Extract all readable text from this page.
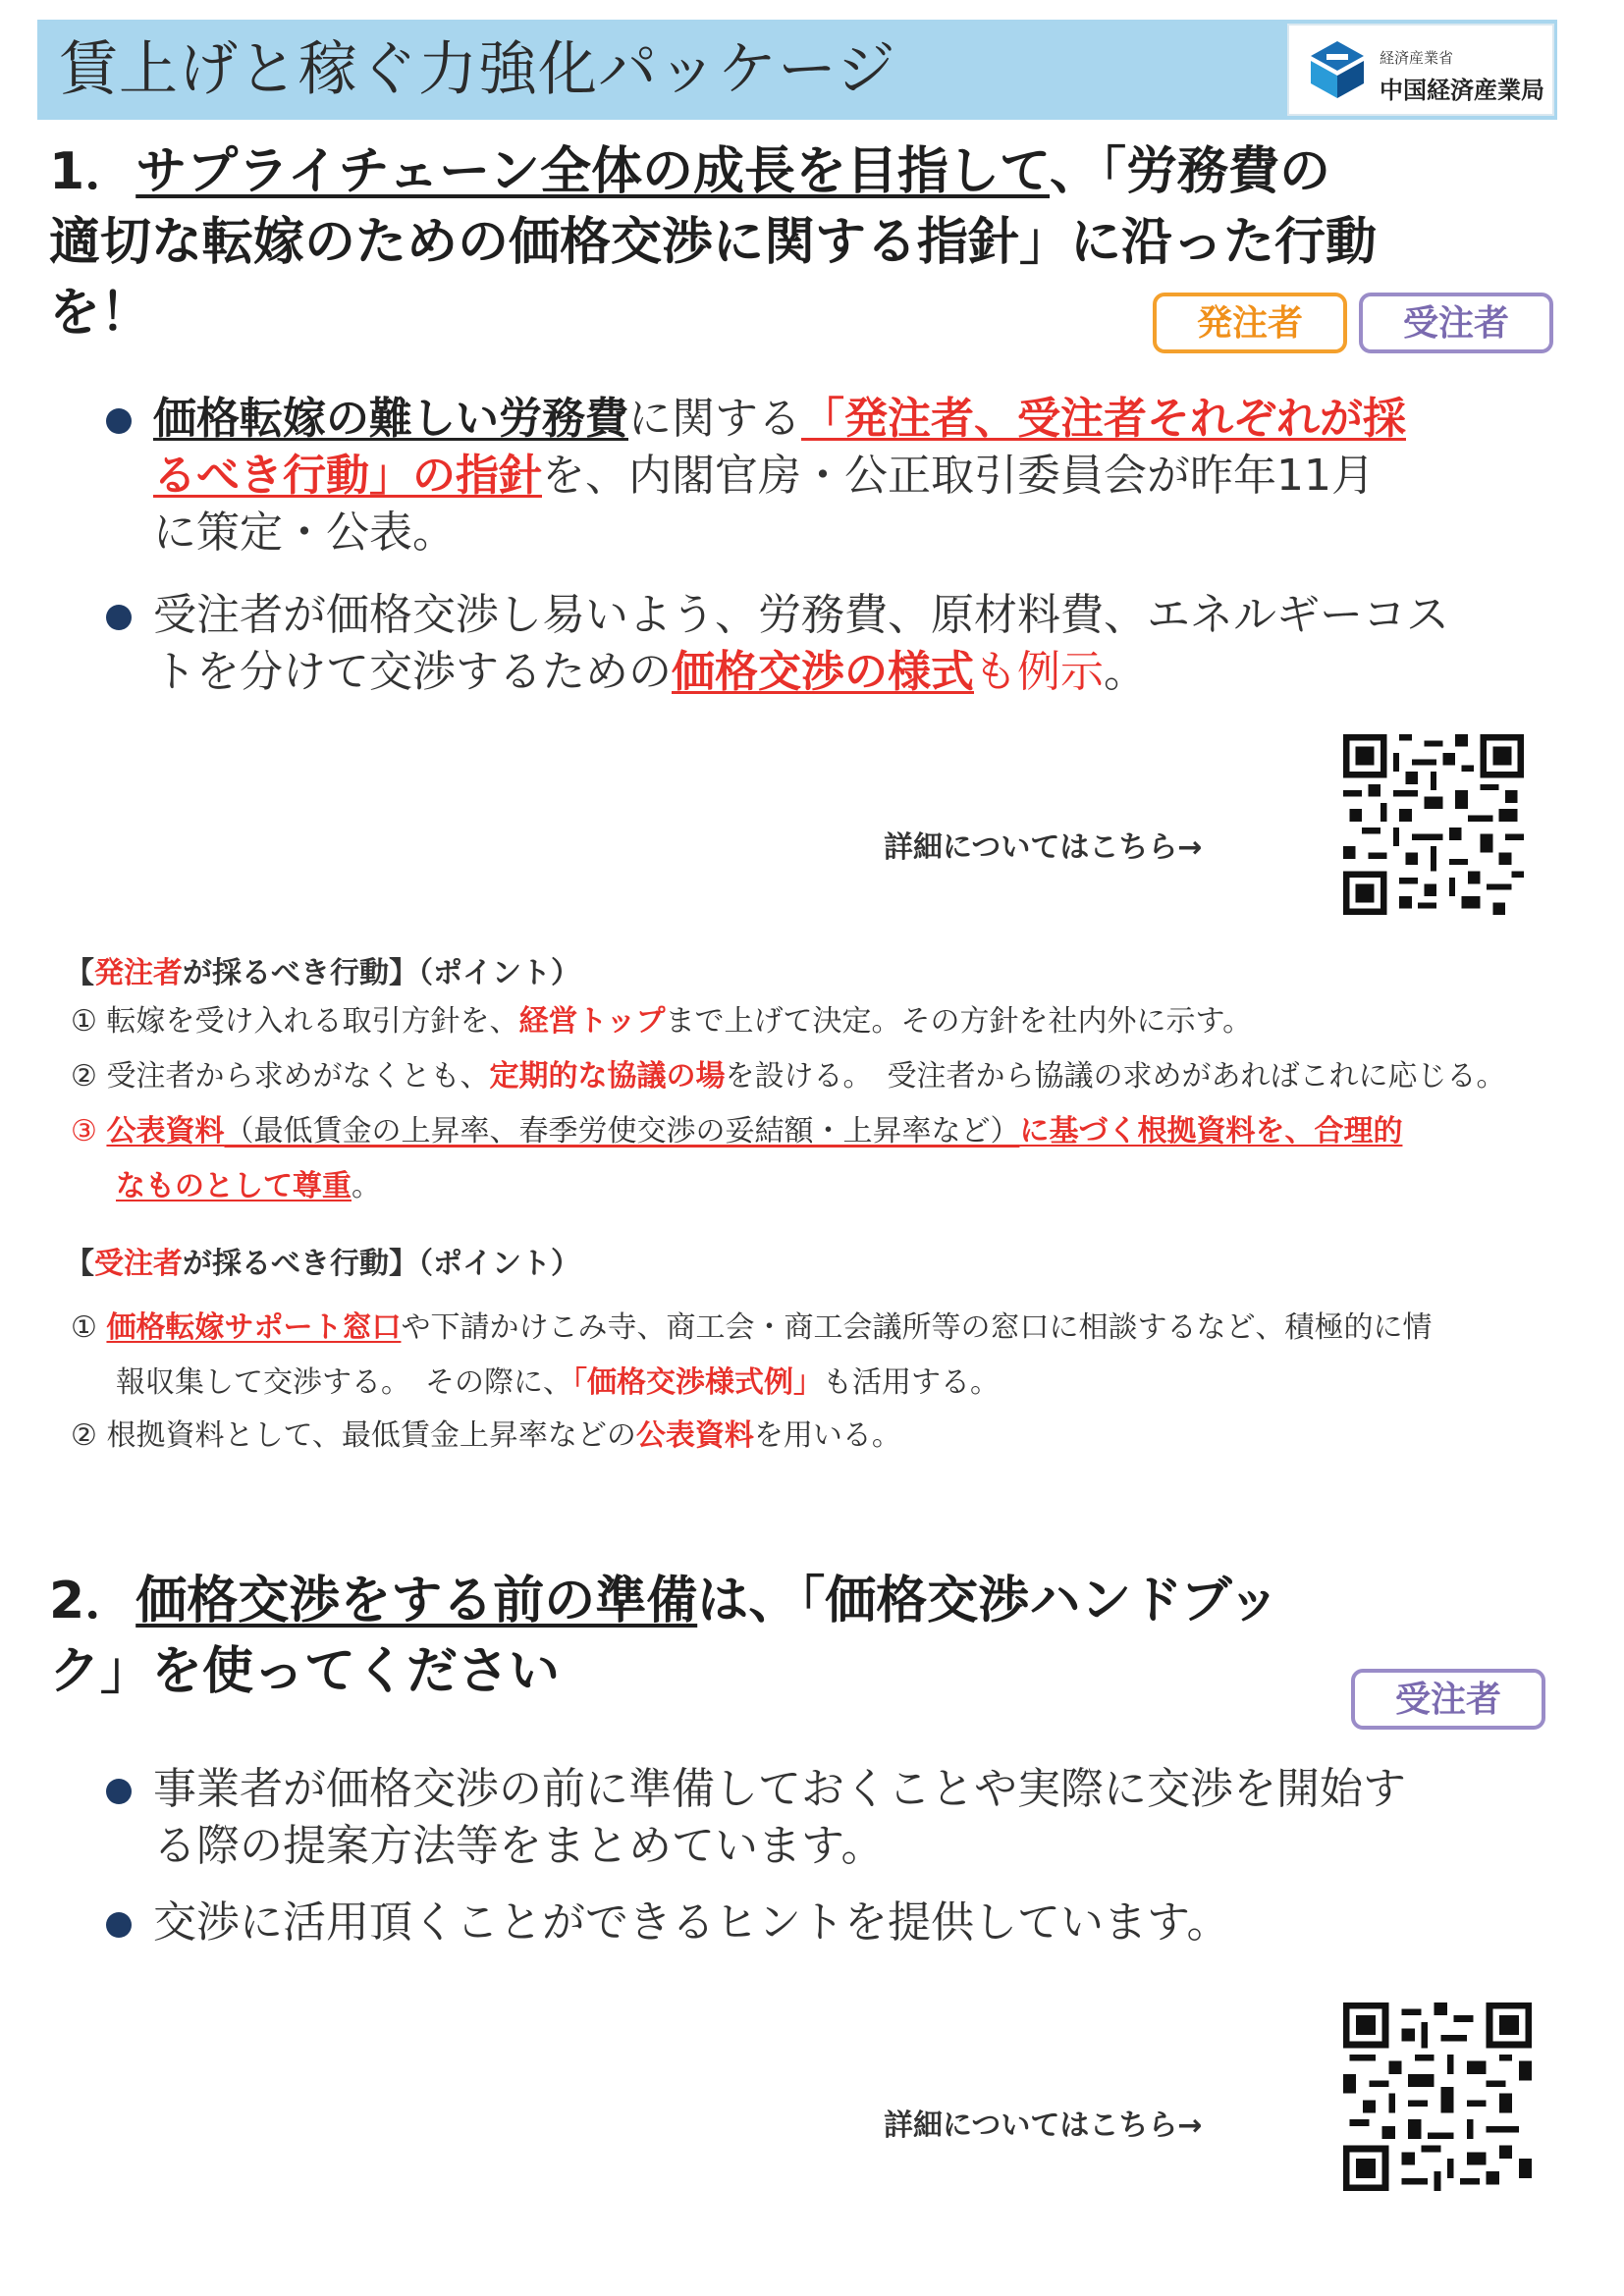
賃上げと稼ぐ力強化パッケージ	経済産業省
中国経済産業局
1．サプライチェーン全体の成長を目指して、「労務費の
適切な転嫁のための価格交渉に関する指針」に沿った行動
を！	発注者	受注者
価格転嫁の難しい労務費に関する「発注者、受注者それぞれが採
るべき行動」の指針を、内閣官房・公正取引委員会が昨年11月
に策定・公表。
受注者が価格交渉し易いよう、労務費、原材料費、エネルギーコス
トを分けて交渉するための価格交渉の様式も例示。
詳細についてはこちら→
【発注者が採るべき行動】（ポイント）
① 転嫁を受け入れる取引方針を、経営トップまで上げて決定。その方針を社内外に示す。
② 受注者から求めがなくとも、定期的な協議の場を設ける。　受注者から協議の求めがあればこれに応じる。
③ 公表資料（最低賃金の上昇率、春季労使交渉の妥結額・上昇率など）に基づく根拠資料を、合理的
なものとして尊重。
【受注者が採るべき行動】（ポイント）
① 価格転嫁サポート窓口や下請かけこみ寺、商工会・商工会議所等の窓口に相談するなど、積極的に情
報収集して交渉する。　その際に、「価格交渉様式例」も活用する。
② 根拠資料として、最低賃金上昇率などの公表資料を用いる。
2．価格交渉をする前の準備は、「価格交渉ハンドブッ
ク」を使ってください	受注者
事業者が価格交渉の前に準備しておくことや実際に交渉を開始す
る際の提案方法等をまとめています。
交渉に活用頂くことができるヒントを提供しています。
詳細についてはこちら→
